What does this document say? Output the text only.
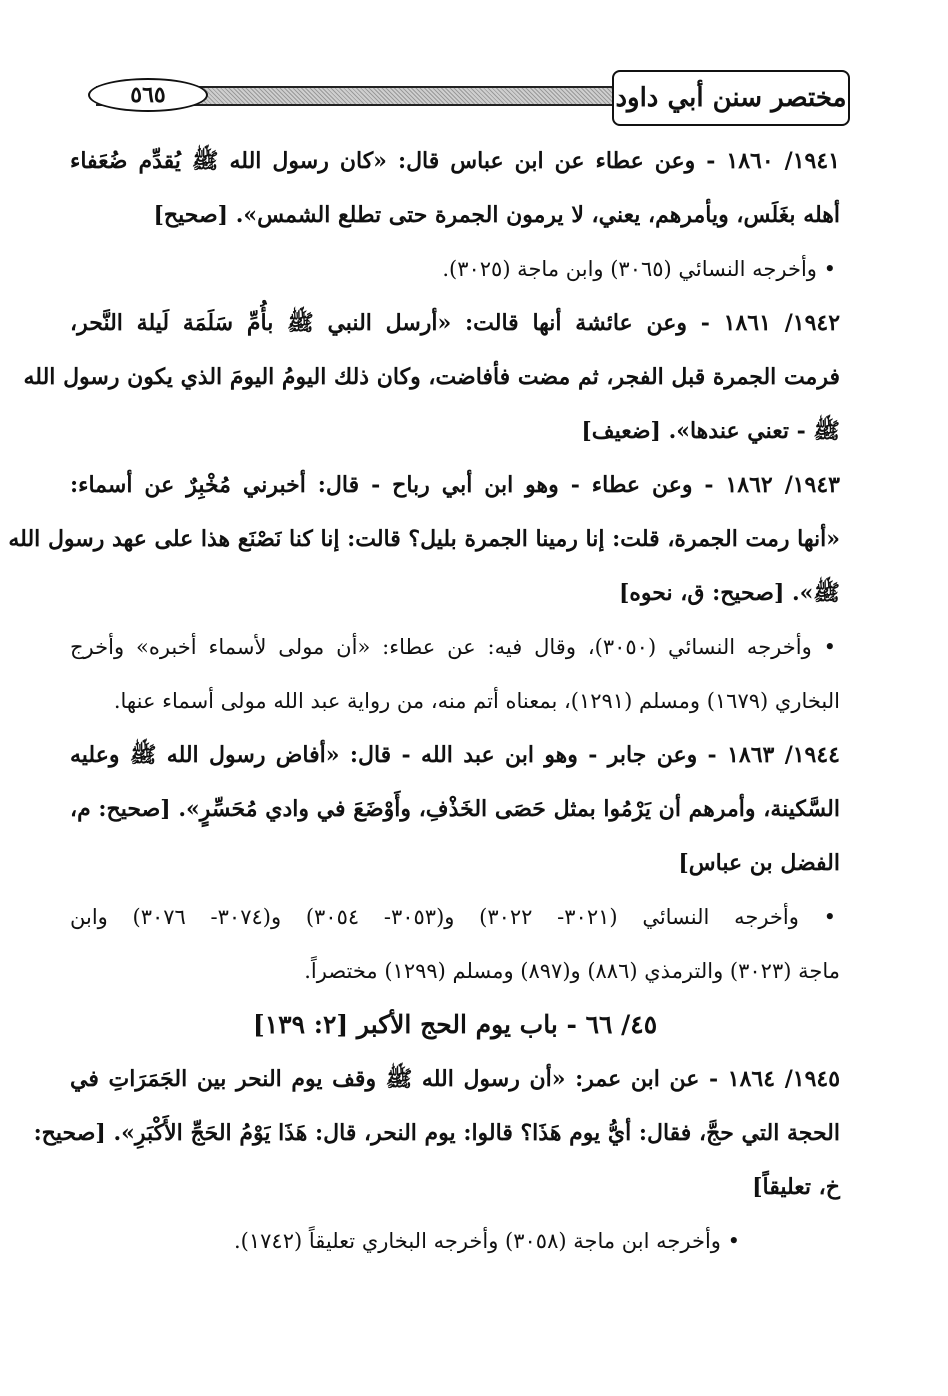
٥٦٥	مختصر سنن أبي داود
١٩٤١/ ١٨٦٠ - وعن عطاء عن ابن عباس قال: «كان رسول الله ﷺ يُقدِّم ضُعَفاء
أهله بغَلَس، ويأمرهم، يعني، لا يرمون الجمرة حتى تطلع الشمس». [صحيح]
• وأخرجه النسائي (٣٠٦٥) وابن ماجة (٣٠٢٥).
١٩٤٢/ ١٨٦١ - وعن عائشة أنها قالت: «أرسل النبي ﷺ بأُمِّ سَلَمَة لَيلة النَّحر،
فرمت الجمرة قبل الفجر، ثم مضت فأفاضت، وكان ذلك اليومُ اليومَ الذي يكون رسول الله
ﷺ - تعني عندها». [ضعيف]
١٩٤٣/ ١٨٦٢ - وعن عطاء - وهو ابن أبي رباح - قال: أخبرني مُخْبِرٌ عن أسماء:
«أنها رمت الجمرة، قلت: إنا رمينا الجمرة بليل؟ قالت: إنا كنا نَصْنَع هذا على عهد رسول الله
ﷺ». [صحيح: ق، نحوه]
• وأخرجه النسائي (٣٠٥٠)، وقال فيه: عن عطاء: «أن مولى لأسماء أخبره» وأخرج
البخاري (١٦٧٩) ومسلم (١٢٩١)، بمعناه أتم منه، من رواية عبد الله مولى أسماء عنها.
١٩٤٤/ ١٨٦٣ - وعن جابر - وهو ابن عبد الله - قال: «أفاض رسول الله ﷺ وعليه
السَّكينة، وأمرهم أن يَرْمُوا بمثل حَصَى الخَذْفِ، وأَوْضَعَ في وادي مُحَسِّرٍ». [صحيح: م،
الفضل بن عباس]
• وأخرجه النسائي (٣٠٢١- ٣٠٢٢) و(٣٠٥٣- ٣٠٥٤) و(٣٠٧٤- ٣٠٧٦) وابن
ماجة (٣٠٢٣) والترمذي (٨٨٦) و(٨٩٧) ومسلم (١٢٩٩) مختصراً.
٤٥/ ٦٦ - باب يوم الحج الأكبر [٢: ١٣٩]
١٩٤٥/ ١٨٦٤ - عن ابن عمر: «أن رسول الله ﷺ وقف يوم النحر بين الجَمَرَاتِ في
الحجة التي حجَّ، فقال: أيُّ يوم هَذَا؟ قالوا: يوم النحر، قال: هَذَا يَوْمُ الحَجِّ الأَكْبَرِ». [صحيح:
خ، تعليقاً]
• وأخرجه ابن ماجة (٣٠٥٨) وأخرجه البخاري تعليقاً (١٧٤٢).
